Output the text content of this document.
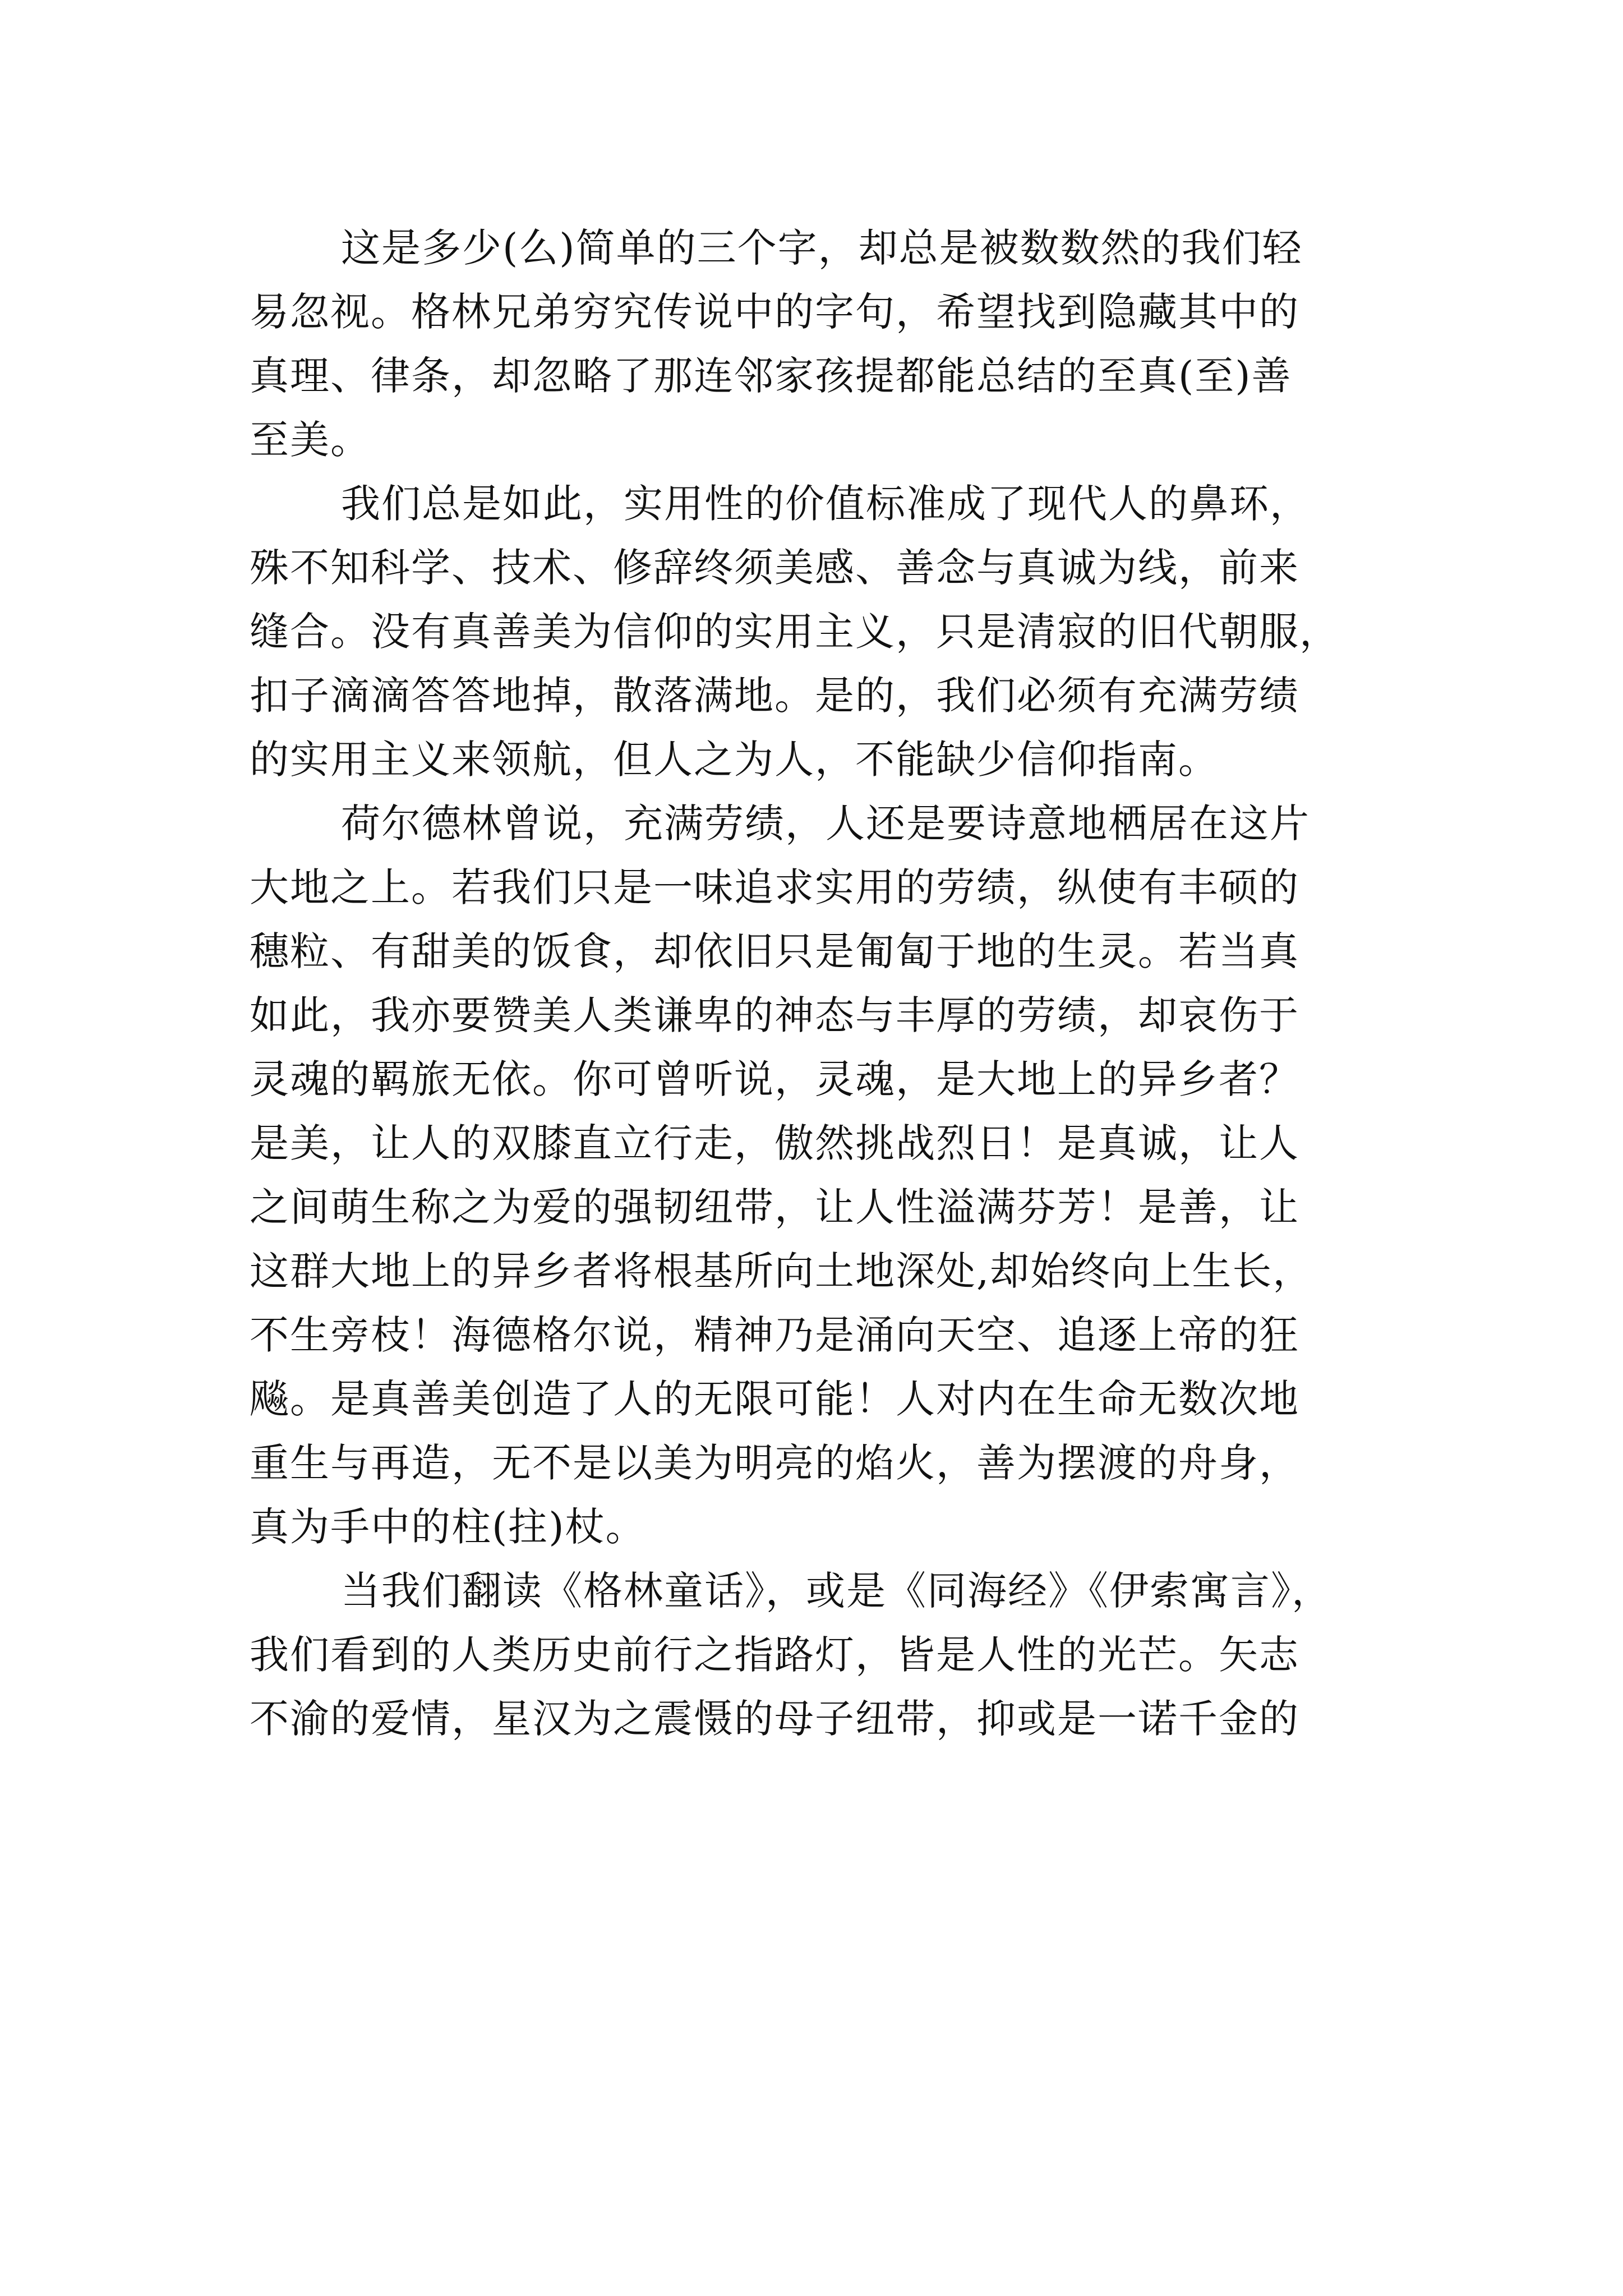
这是多少(么)简单的三个字，却总是被数数然的我们轻
易忽视。格林兄弟穷究传说中的字句，希望找到隐藏其中的
真理、律条，却忽略了那连邻家孩提都能总结的至真(至)善
至美。
我们总是如此，实用性的价值标准成了现代人的鼻环，
殊不知科学、技术、修辞终须美感、善念与真诚为线，前来
缝合。没有真善美为信仰的实用主义，只是清寂的旧代朝服，
扣子滴滴答答地掉，散落满地。是的，我们必须有充满劳绩
的实用主义来领航，但人之为人，不能缺少信仰指南。
荷尔德林曾说，充满劳绩，人还是要诗意地栖居在这片
大地之上。若我们只是一味追求实用的劳绩，纵使有丰硕的
穗粒、有甜美的饭食，却依旧只是匍匐于地的生灵。若当真
如此，我亦要赞美人类谦卑的神态与丰厚的劳绩，却哀伤于
灵魂的羁旅无依。你可曾听说，灵魂，是大地上的异乡者？
是美，让人的双膝直立行走，傲然挑战烈日！是真诚，让人
之间萌生称之为爱的强韧纽带，让人性溢满芬芳！是善，让
这群大地上的异乡者将根基所向土地深处,却始终向上生长，
不生旁枝！海德格尔说，精神乃是涌向天空、追逐上帝的狂
飚。是真善美创造了人的无限可能！人对内在生命无数次地
重生与再造，无不是以美为明亮的焰火，善为摆渡的舟身，
真为手中的柱(拄)杖。
当我们翻读《格林童话》，或是《同海经》《伊索寓言》，
我们看到的人类历史前行之指路灯，皆是人性的光芒。矢志
不渝的爱情，星汉为之震慑的母子纽带，抑或是一诺千金的
